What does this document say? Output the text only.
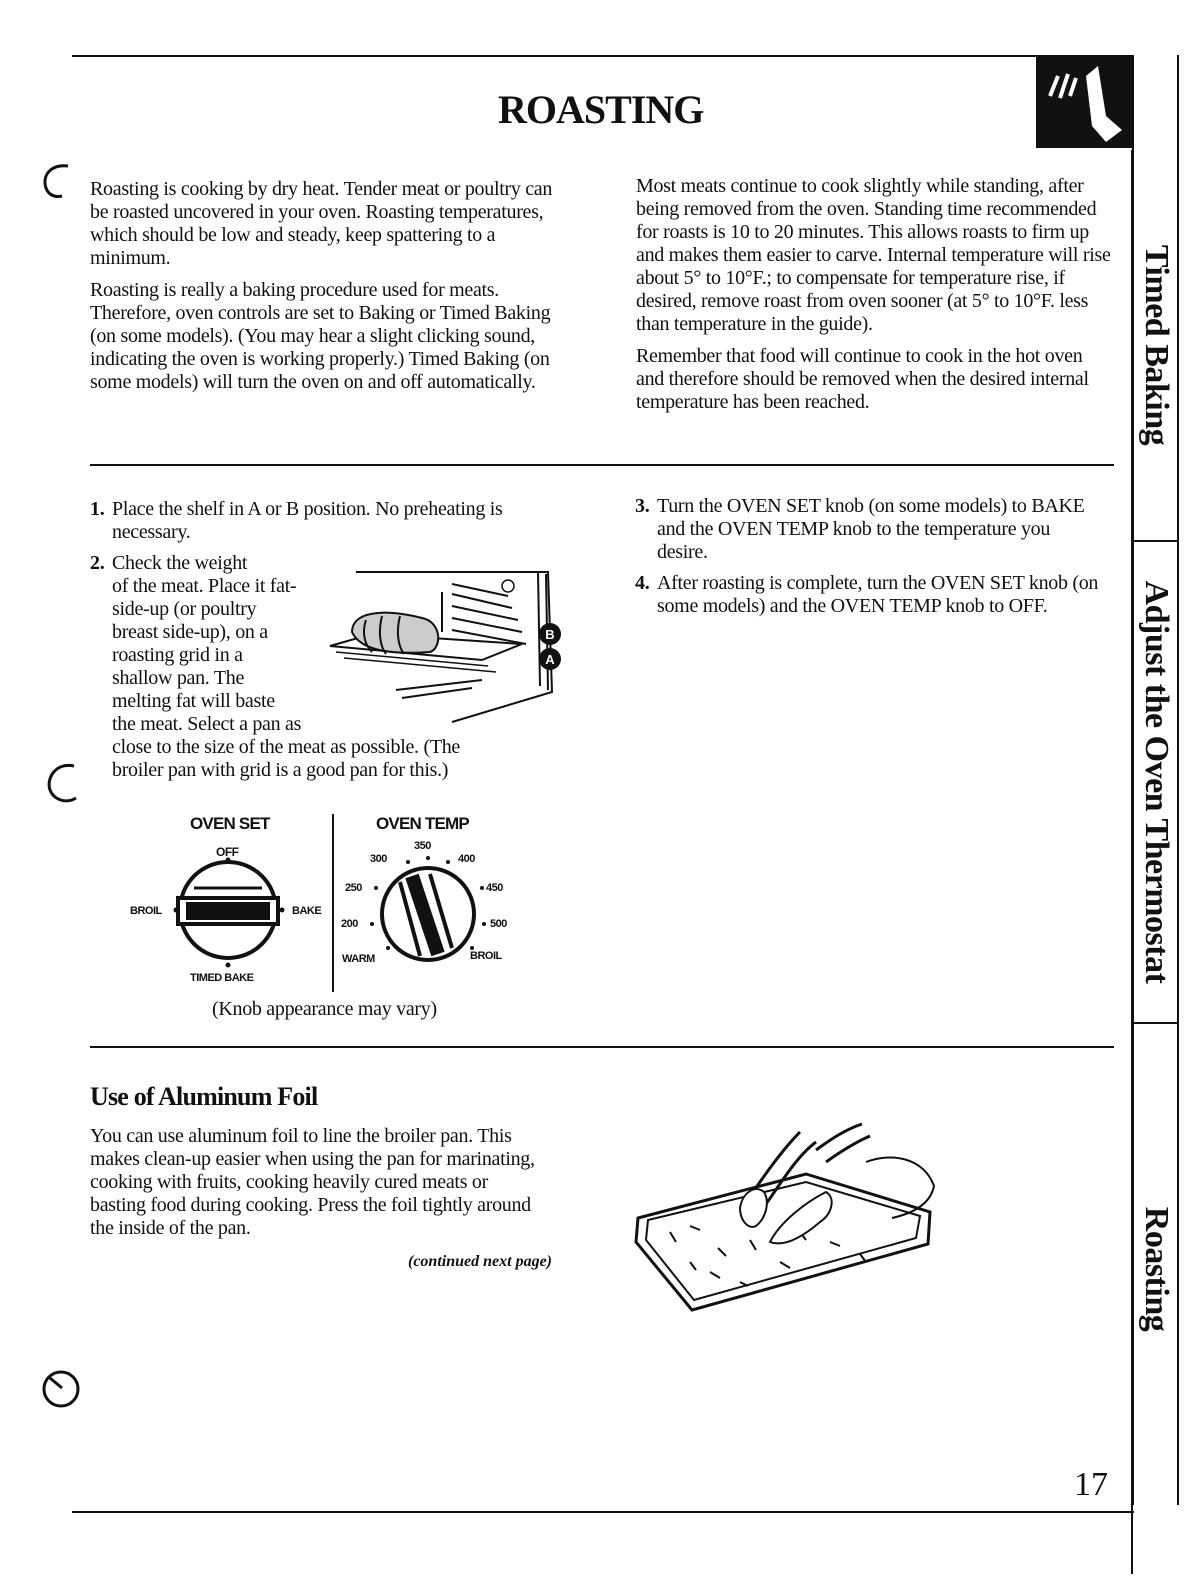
ROASTING
Timed Baking
Adjust the Oven Thermostat
Roasting

Roasting is cooking by dry heat. Tender meat or poultry can be roasted uncovered in your oven. Roasting temperatures, which should be low and steady, keep spattering to a minimum.

Roasting is really a baking procedure used for meats. Therefore, oven controls are set to Baking or Timed Baking (on some models). (You may hear a slight clicking sound, indicating the oven is working properly.) Timed Baking (on some models) will turn the oven on and off automatically.

Most meats continue to cook slightly while standing, after being removed from the oven. Standing time recommended for roasts is 10 to 20 minutes. This allows roasts to firm up and makes them easier to carve. Internal temperature will rise about 5° to 10°F.; to compensate for temperature rise, if desired, remove roast from oven sooner (at 5° to 10°F. less than temperature in the guide).

Remember that food will continue to cook in the hot oven and therefore should be removed when the desired internal temperature has been reached.

1. Place the shelf in A or B position. No preheating is necessary.
2. Check the weight
of the meat. Place it fat-
side-up (or poultry
breast side-up), on a
roasting grid in a
shallow pan. The
melting fat will baste
the meat. Select a pan as
close to the size of the meat as possible. (The
broiler pan with grid is a good pan for this.)
3. Turn the OVEN SET knob (on some models) to BAKE and the OVEN TEMP knob to the temperature you desire.
4. After roasting is complete, turn the OVEN SET knob (on some models) and the OVEN TEMP knob to OFF.
B
A
OVEN SET	OVEN TEMP
OFF
BROIL	BAKE
TIMED BAKE
300
350
400
250	450
200	500
WARM	BROIL
(Knob appearance may vary)
Use of Aluminum Foil
You can use aluminum foil to line the broiler pan. This makes clean-up easier when using the pan for marinating, cooking with fruits, cooking heavily cured meats or basting food during cooking. Press the foil tightly around the inside of the pan.
(continued next page)
17
